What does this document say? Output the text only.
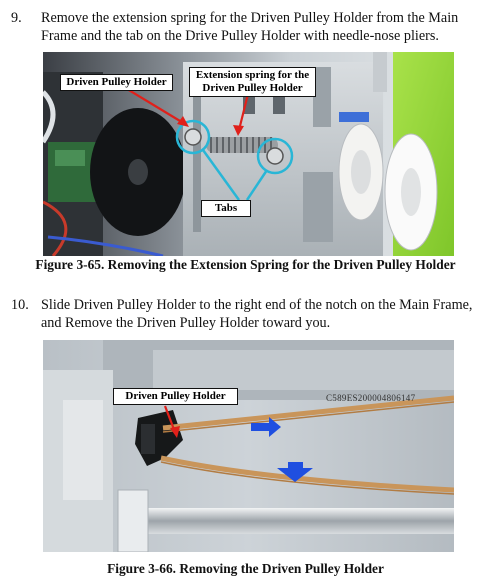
9. Remove the extension spring for the Driven Pulley Holder from the Main Frame and the tab on the Drive Pulley Holder with needle-nose pliers.
Driven Pulley Holder
Extension spring for the Driven Pulley Holder
Tabs
Figure 3-65. Removing the Extension Spring for the Driven Pulley Holder
10. Slide Driven Pulley Holder to the right end of the notch on the Main Frame, and Remove the Driven Pulley Holder toward you.
Driven Pulley Holder	C589ES200004806147
Figure 3-66. Removing the Driven Pulley Holder
